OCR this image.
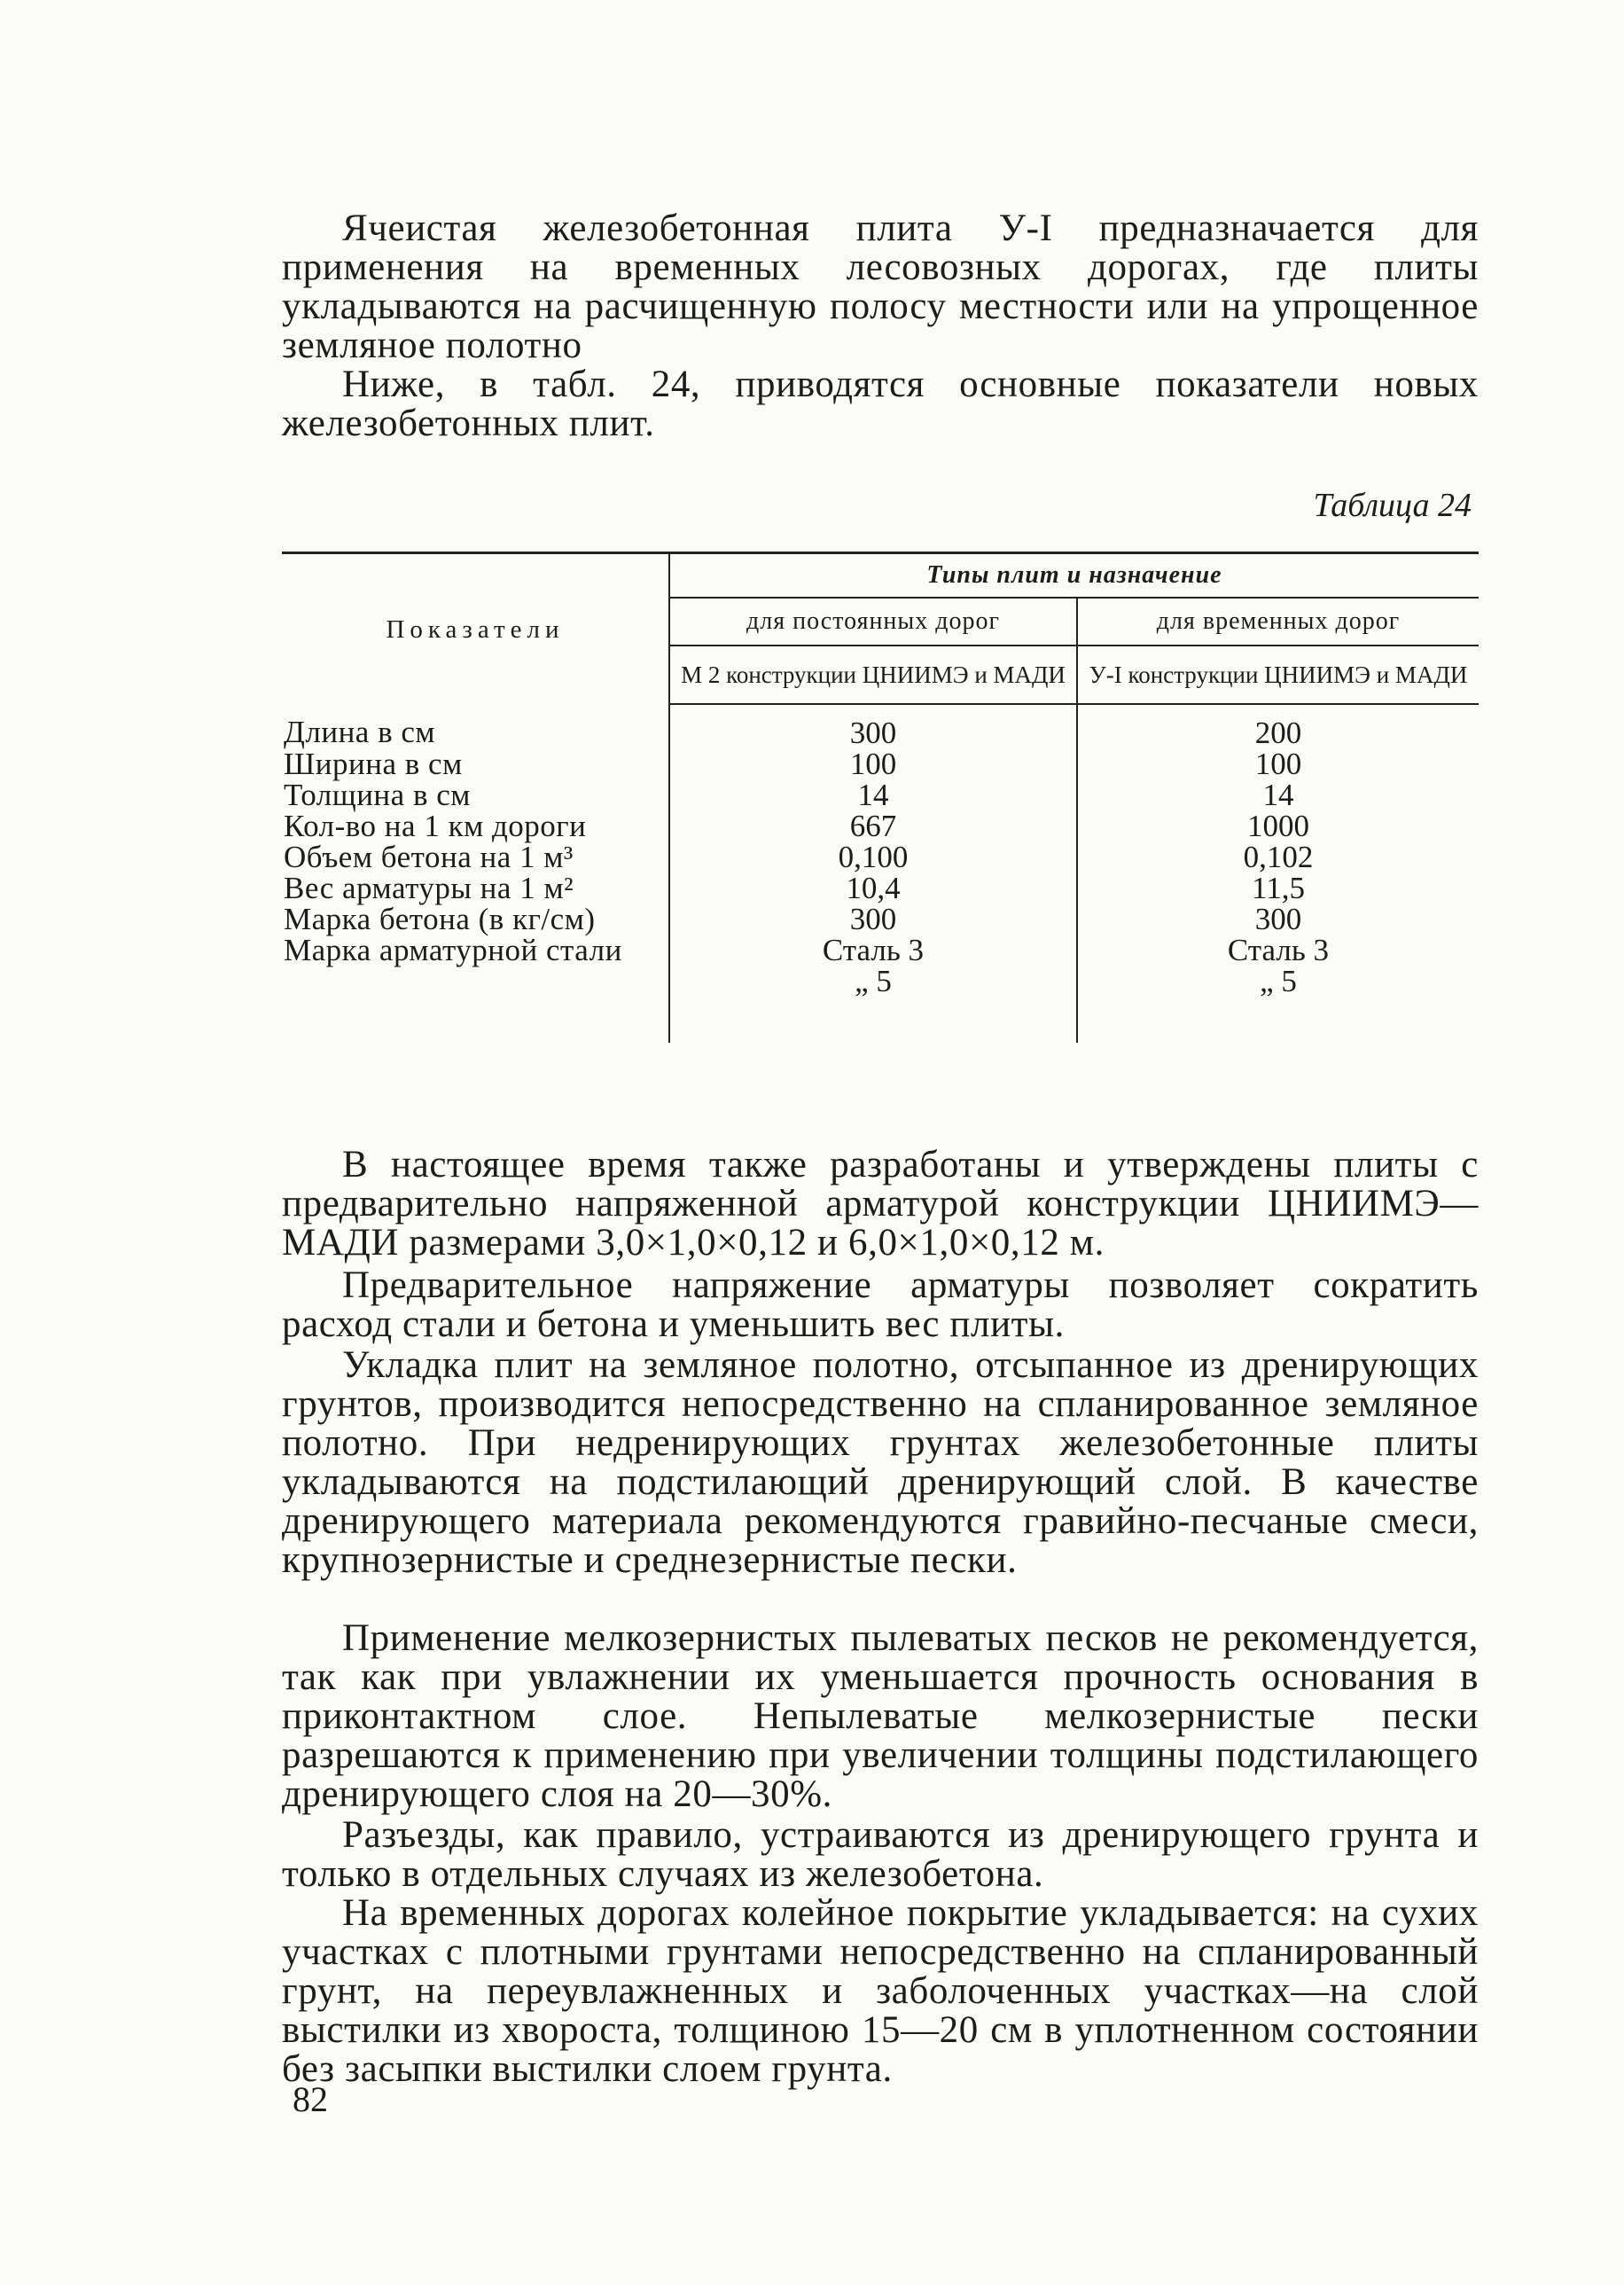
Ячеистая железобетонная плита У-І предназначается для применения на временных лесовозных дорогах, где плиты укладываются на расчищенную полосу местности или на упрощенное земляное полотно

Ниже, в табл. 24, приводятся основные показатели новых железобетонных плит.

Таблица 24
Показатели	Типы плит и назначение	
	для постоянных дорог	для временных дорог
	М 2 конструкции ЦНИИМЭ и МАДИ	У-I конструкции ЦНИИМЭ и МАДИ
Длина в см	300	200
Ширина в см	100	100
Толщина в см	14	14
Кол-во на 1 км дороги	667	1000
Объем бетона на 1 м³	0,100	0,102
Вес арматуры на 1 м²	10,4	11,5
Марка бетона (в кг/см)	300	300
Марка арматурной стали	Сталь 3	Сталь 3
	„ 5	„ 5

В настоящее время также разработаны и утверждены плиты с предварительно напряженной арматурой конструкции ЦНИИМЭ—МАДИ размерами 3,0×1,0×0,12 и 6,0×1,0×0,12 м.

Предварительное напряжение арматуры позволяет сократить расход стали и бетона и уменьшить вес плиты.

Укладка плит на земляное полотно, отсыпанное из дренирующих грунтов, производится непосредственно на спланированное земляное полотно. При недренирующих грунтах железобетонные плиты укладываются на подстилающий дренирующий слой. В качестве дренирующего материала рекомендуются гравийно-песчаные смеси, крупнозернистые и среднезернистые пески.

Применение мелкозернистых пылеватых песков не рекомендуется, так как при увлажнении их уменьшается прочность основания в приконтактном слое. Непылеватые мелкозернистые пески разрешаются к применению при увеличении толщины подстилающего дренирующего слоя на 20—30%.

Разъезды, как правило, устраиваются из дренирующего грунта и только в отдельных случаях из железобетона.

На временных дорогах колейное покрытие укладывается: на сухих участках с плотными грунтами непосредственно на спланированный грунт, на переувлажненных и заболоченных участках—на слой выстилки из хвороста, толщиною 15—20 см в уплотненном состоянии без засыпки выстилки слоем грунта.

82
